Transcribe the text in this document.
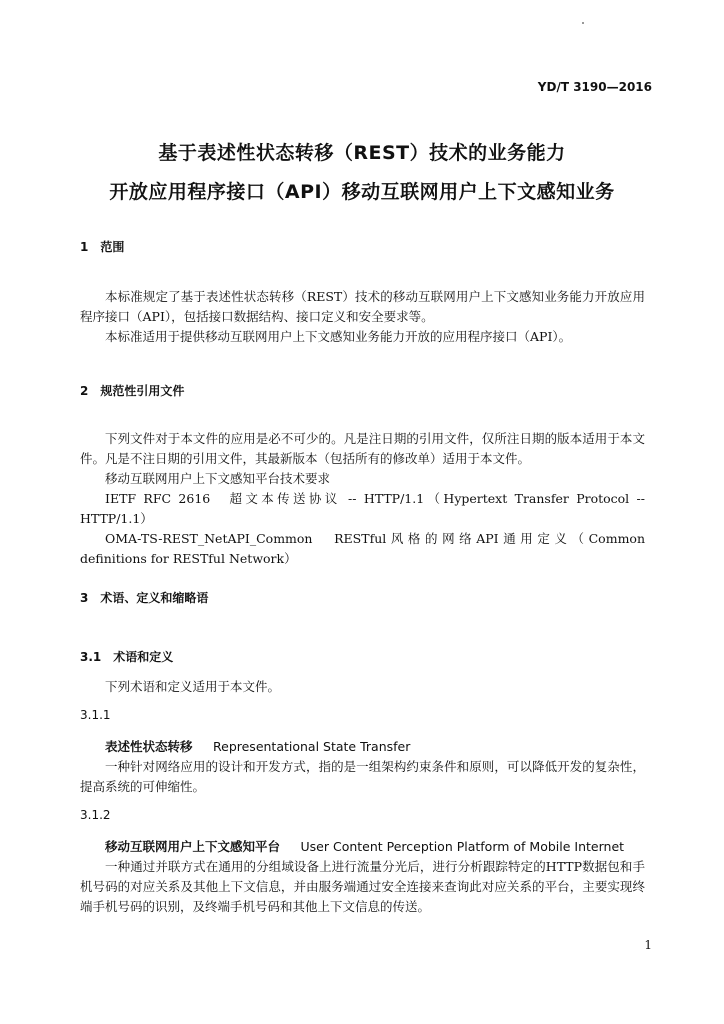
YD/T 3190—2016
基于表述性状态转移（REST）技术的业务能力
开放应用程序接口（API）移动互联网用户上下文感知业务
1　范围

本标准规定了基于表述性状态转移（REST）技术的移动互联网用户上下文感知业务能力开放应用程序接口（API），包括接口数据结构、接口定义和安全要求等。

本标准适用于提供移动互联网用户上下文感知业务能力开放的应用程序接口（API）。

2　规范性引用文件

下列文件对于本文件的应用是必不可少的。凡是注日期的引用文件，仅所注日期的版本适用于本文件。凡是不注日期的引用文件，其最新版本（包括所有的修改单）适用于本文件。

移动互联网用户上下文感知平台技术要求

IETF RFC 2616　超文本传送协议 -- HTTP/1.1（Hypertext Transfer Protocol -- HTTP/1.1）

OMA-TS-REST_NetAPI_Common　RESTful风格的网络API通用定义（Common definitions for RESTful Network）

3　术语、定义和缩略语
3.1　术语和定义

下列术语和定义适用于本文件。

3.1.1

表述性状态转移 　 Representational State Transfer

一种针对网络应用的设计和开发方式，指的是一组架构约束条件和原则，可以降低开发的复杂性，提高系统的可伸缩性。

3.1.2

移动互联网用户上下文感知平台 　 User Content Perception Platform of Mobile Internet

一种通过并联方式在通用的分组域设备上进行流量分光后，进行分析跟踪特定的HTTP数据包和手机号码的对应关系及其他上下文信息，并由服务端通过安全连接来查询此对应关系的平台，主要实现终端手机号码的识别，及终端手机号码和其他上下文信息的传送。

1
